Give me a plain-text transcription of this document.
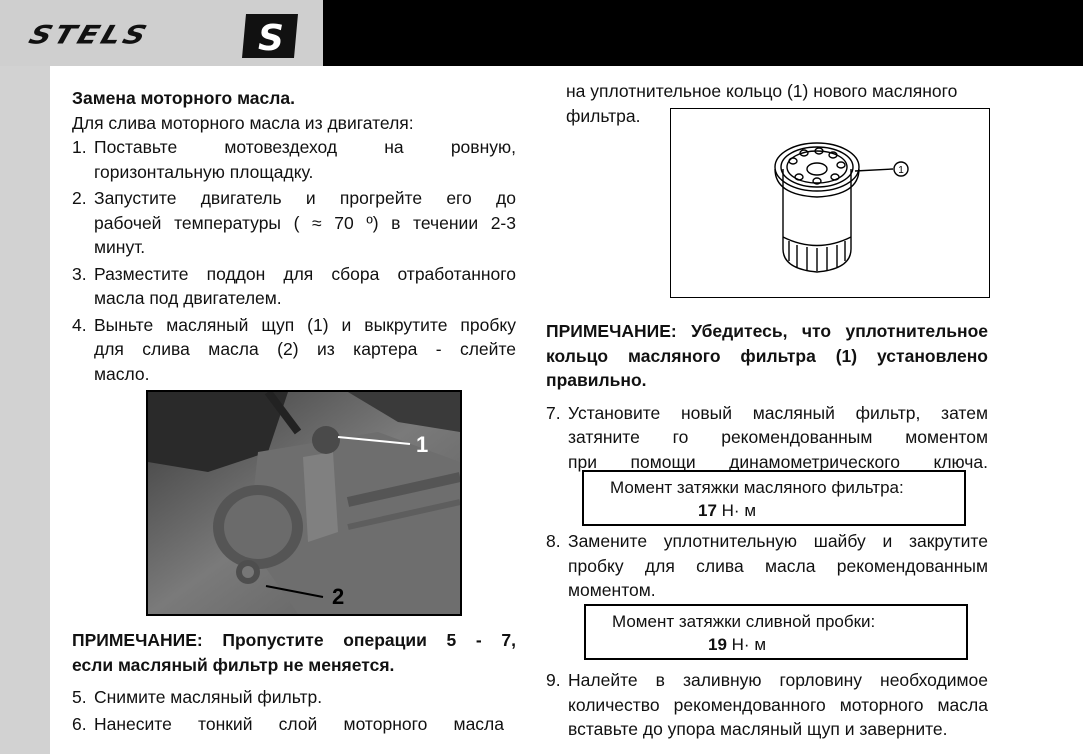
STELS	S

Замена моторного масла.

Для слива моторного масла из двигателя:

1. Поставьте мотовездеход на ровную,

горизонтальную площадку.

2. Запустите двигатель и прогрейте его до

рабочей температуры ( ≈ 70 º) в течении 2-3

минут.

3. Разместите поддон для сбора отработанного

масла под двигателем.

4. Выньте масляный щуп (1) и выкрутите пробку

для слива масла (2) из картера - слейте

масло.

1
2

ПРИМЕЧАНИЕ: Пропустите операции 5 - 7,

если масляный фильтр не меняется.

5. Снимите масляный фильтр.

6. Нанесите тонкий слой моторного масла

на уплотнительное кольцо (1) нового масляного

фильтра.

1

ПРИМЕЧАНИЕ: Убедитесь, что уплотнительное

кольцо масляного фильтра (1) установлено

правильно.

7. Установите новый масляный фильтр, затем

затяните го рекомендованным моментом

при помощи динамометрического ключа.

Момент затяжки масляного фильтра:
17 Н· м
8. Замените уплотнительную шайбу и закрутите

пробку для слива масла рекомендованным

моментом.

Момент затяжки сливной пробки:
19 Н· м
9. Налейте в заливную горловину необходимое

количество рекомендованного моторного масла

вставьте до упора масляный щуп и заверните.
